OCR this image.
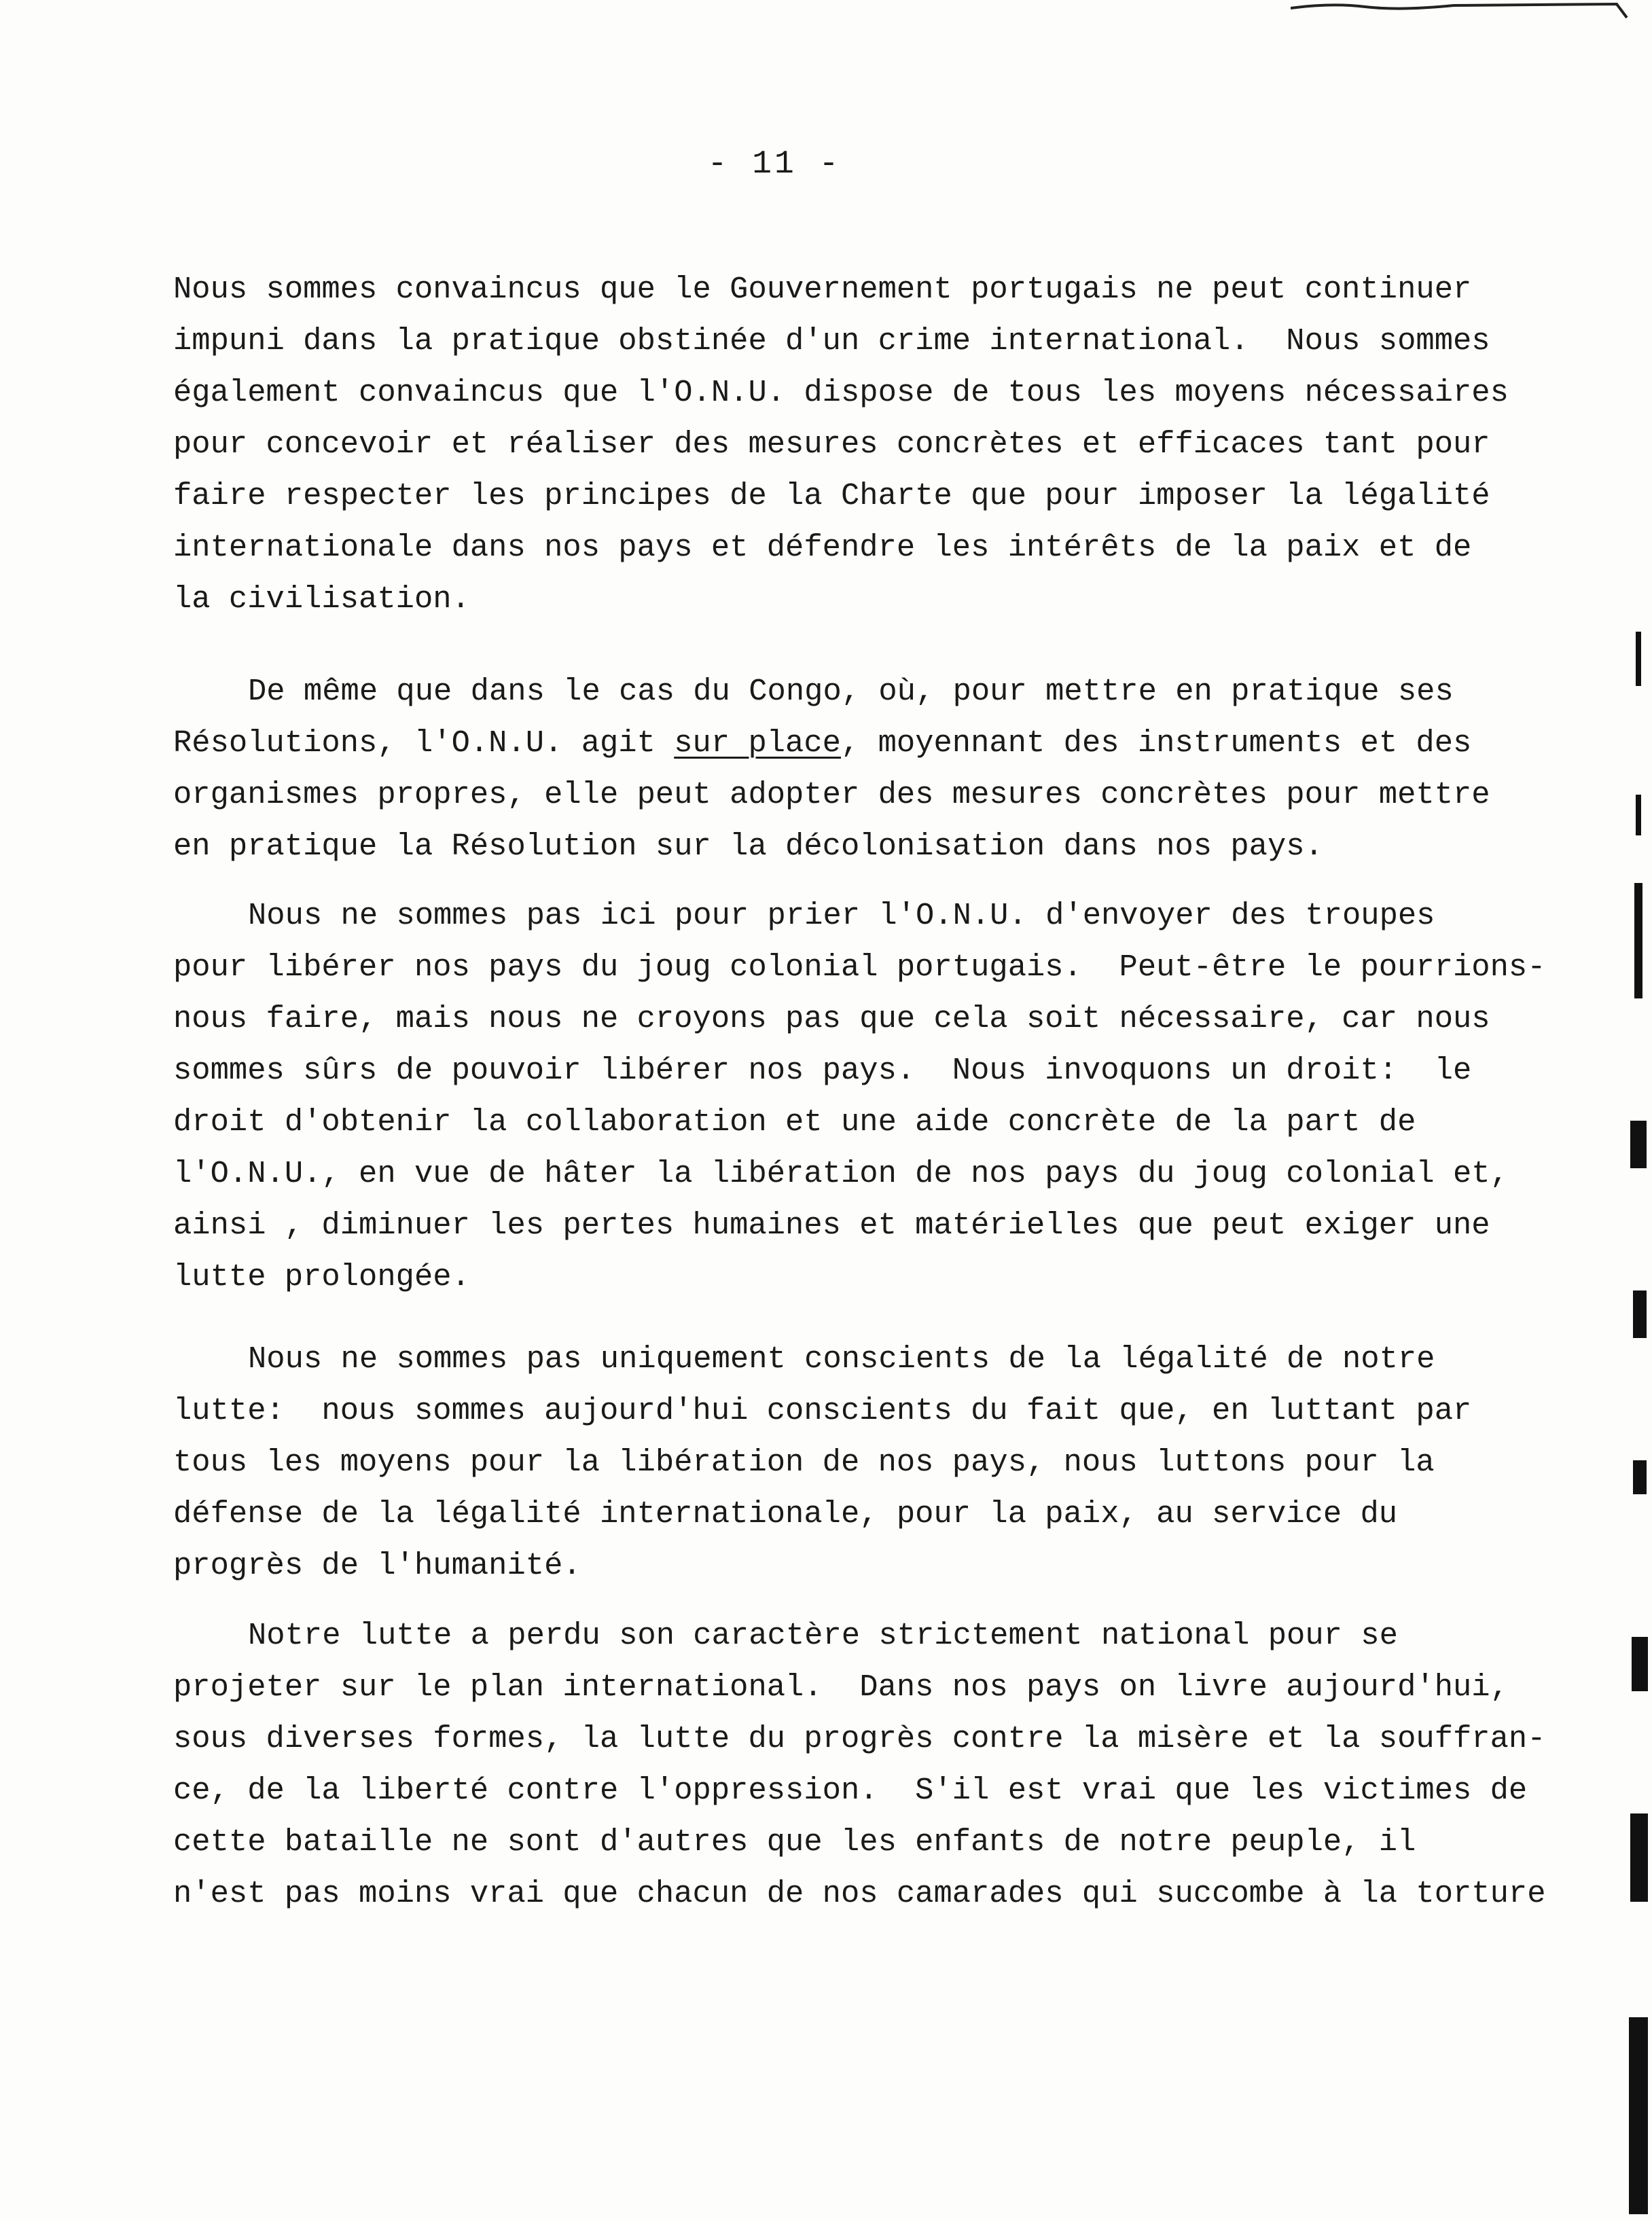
- 11 -
Nous sommes convaincus que le Gouvernement portugais ne peut continuer
impuni dans la pratique obstinée d'un crime international.  Nous sommes
également convaincus que l'O.N.U. dispose de tous les moyens nécessaires
pour concevoir et réaliser des mesures concrètes et efficaces tant pour
faire respecter les principes de la Charte que pour imposer la légalité
internationale dans nos pays et défendre les intérêts de la paix et de
la civilisation.
De même que dans le cas du Congo, où, pour mettre en pratique ses
Résolutions, l'O.N.U. agit sur place, moyennant des instruments et des
organismes propres, elle peut adopter des mesures concrètes pour mettre
en pratique la Résolution sur la décolonisation dans nos pays.
Nous ne sommes pas ici pour prier l'O.N.U. d'envoyer des troupes
pour libérer nos pays du joug colonial portugais.  Peut-être le pourrions-
nous faire, mais nous ne croyons pas que cela soit nécessaire, car nous
sommes sûrs de pouvoir libérer nos pays.  Nous invoquons un droit:  le
droit d'obtenir la collaboration et une aide concrète de la part de
l'O.N.U., en vue de hâter la libération de nos pays du joug colonial et,
ainsi , diminuer les pertes humaines et matérielles que peut exiger une
lutte prolongée.
Nous ne sommes pas uniquement conscients de la légalité de notre
lutte:  nous sommes aujourd'hui conscients du fait que, en luttant par
tous les moyens pour la libération de nos pays, nous luttons pour la
défense de la légalité internationale, pour la paix, au service du
progrès de l'humanité.
Notre lutte a perdu son caractère strictement national pour se
projeter sur le plan international.  Dans nos pays on livre aujourd'hui,
sous diverses formes, la lutte du progrès contre la misère et la souffran-
ce, de la liberté contre l'oppression.  S'il est vrai que les victimes de
cette bataille ne sont d'autres que les enfants de notre peuple, il
n'est pas moins vrai que chacun de nos camarades qui succombe à la torture
